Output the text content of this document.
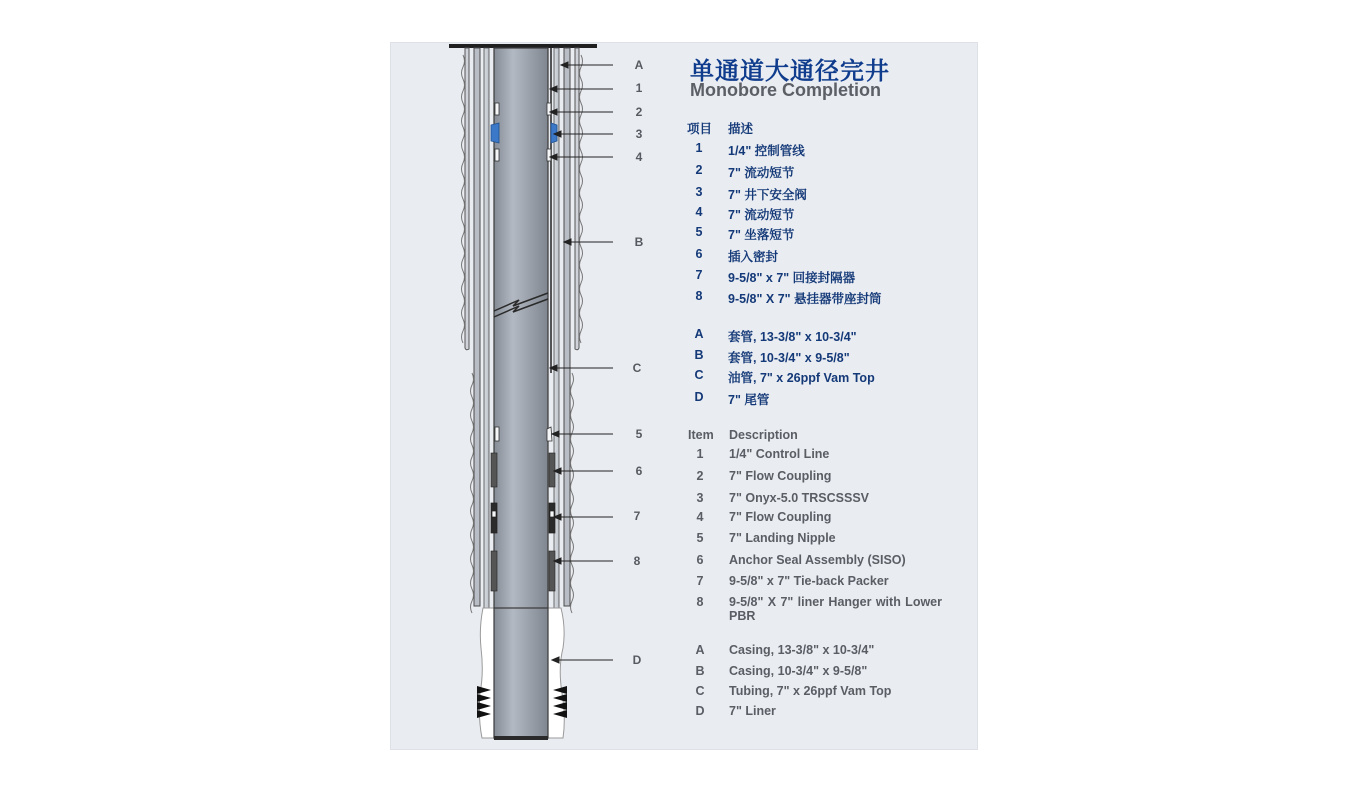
A
1
2
3
4
B
C
5
6
7
8
D
单通道大通径完井
Monobore Completion
项目	描述
1	1/4" 控制管线
2	7" 流动短节
3	7" 井下安全阀
4	7" 流动短节
5	7" 坐落短节
6	插入密封
7	9-5/8" x 7" 回接封隔器
8	9-5/8" X 7" 悬挂器带座封筒
A	套管, 13-3/8" x 10-3/4"
B	套管, 10-3/4" x 9-5/8"
C	油管, 7" x 26ppf Vam Top
D	7" 尾管
Item	Description
1	1/4" Control Line
2	7" Flow Coupling
3	7" Onyx-5.0 TRSCSSSV
4	7" Flow Coupling
5	7" Landing Nipple
6	Anchor Seal Assembly (SISO)
7	9-5/8" x 7" Tie-back Packer
8	9-5/8" X 7" liner Hanger with Lower PBR
A	Casing, 13-3/8" x 10-3/4"
B	Casing, 10-3/4" x 9-5/8"
C	Tubing, 7" x 26ppf Vam Top
D	7" Liner
